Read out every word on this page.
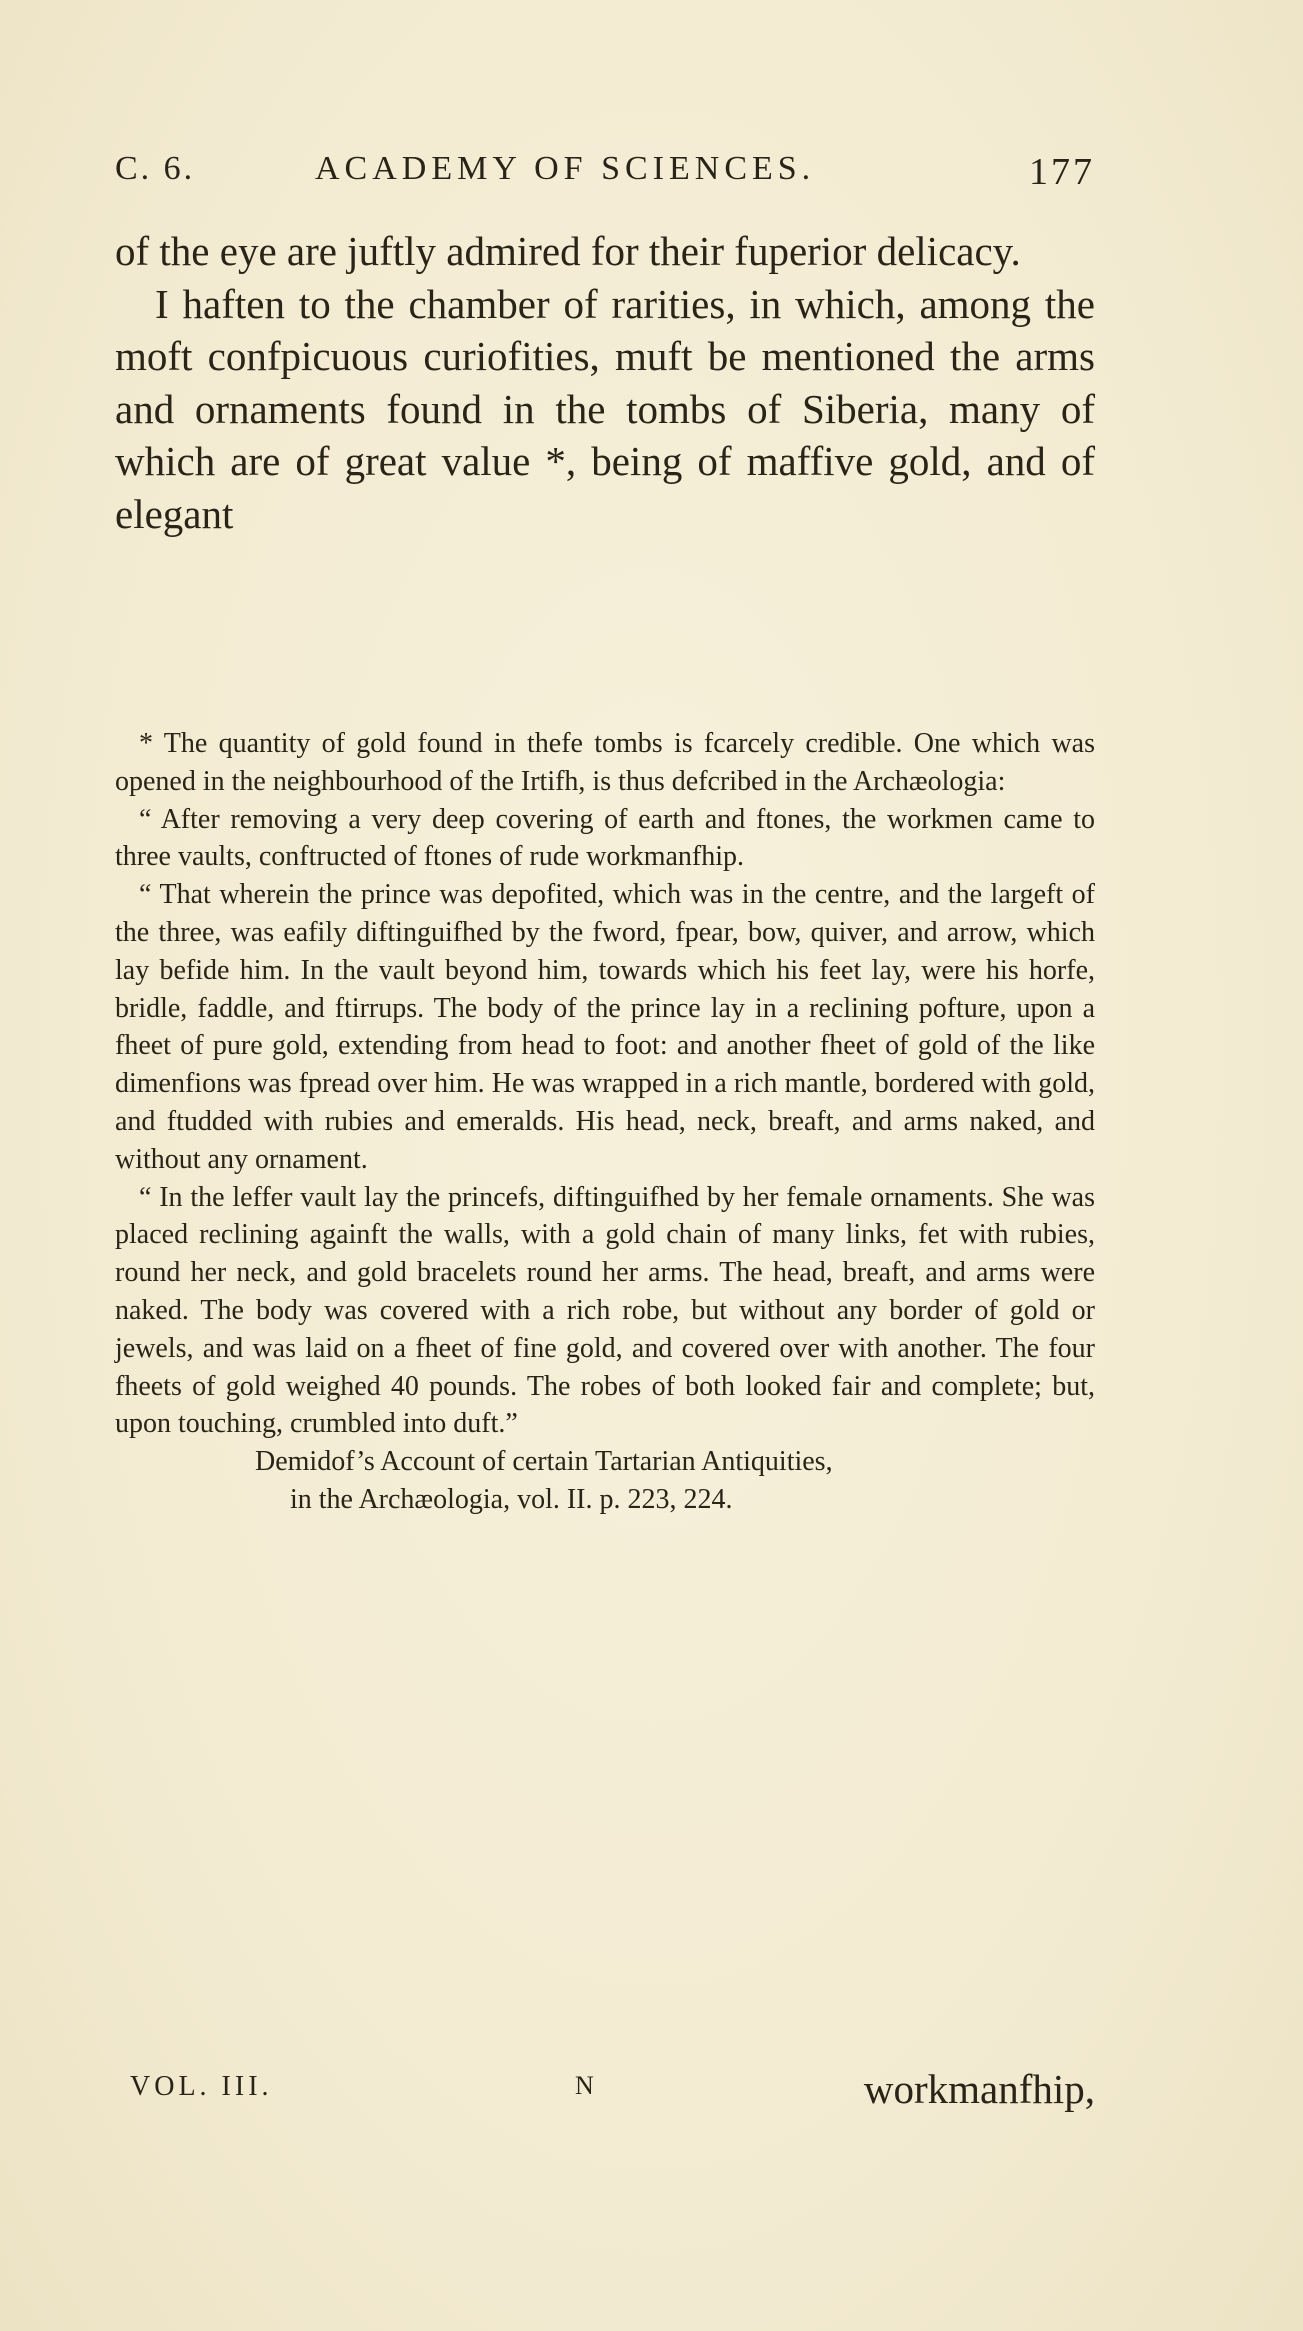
C. 6.	ACADEMY OF SCIENCES.	177

of the eye are juftly admired for their fuperior delicacy.

I haften to the chamber of rarities, in which, among the moft confpicuous curiofities, muft be mentioned the arms and ornaments found in the tombs of Siberia, many of which are of great value *, being of maffive gold, and of elegant

* The quantity of gold found in thefe tombs is fcarcely credible. One which was opened in the neighbourhood of the Irtifh, is thus defcribed in the Archæologia:

“ After removing a very deep covering of earth and ftones, the workmen came to three vaults, conftructed of ftones of rude workmanfhip.

“ That wherein the prince was depofited, which was in the centre, and the largeft of the three, was eafily diftinguifhed by the fword, fpear, bow, quiver, and arrow, which lay befide him. In the vault beyond him, towards which his feet lay, were his horfe, bridle, faddle, and ftirrups. The body of the prince lay in a reclining pofture, upon a fheet of pure gold, extending from head to foot: and another fheet of gold of the like dimenfions was fpread over him. He was wrapped in a rich mantle, bordered with gold, and ftudded with rubies and emeralds. His head, neck, breaft, and arms naked, and without any ornament.

“ In the leffer vault lay the princefs, diftinguifhed by her female ornaments. She was placed reclining againft the walls, with a gold chain of many links, fet with rubies, round her neck, and gold bracelets round her arms. The head, breaft, and arms were naked. The body was covered with a rich robe, but without any border of gold or jewels, and was laid on a fheet of fine gold, and covered over with another. The four fheets of gold weighed 40 pounds. The robes of both looked fair and complete; but, upon touching, crumbled into duft.”

Demidof’s Account of certain Tartarian Antiquities,
in the Archæologia, vol. II. p. 223, 224.

VOL. III.	N	workmanfhip,
